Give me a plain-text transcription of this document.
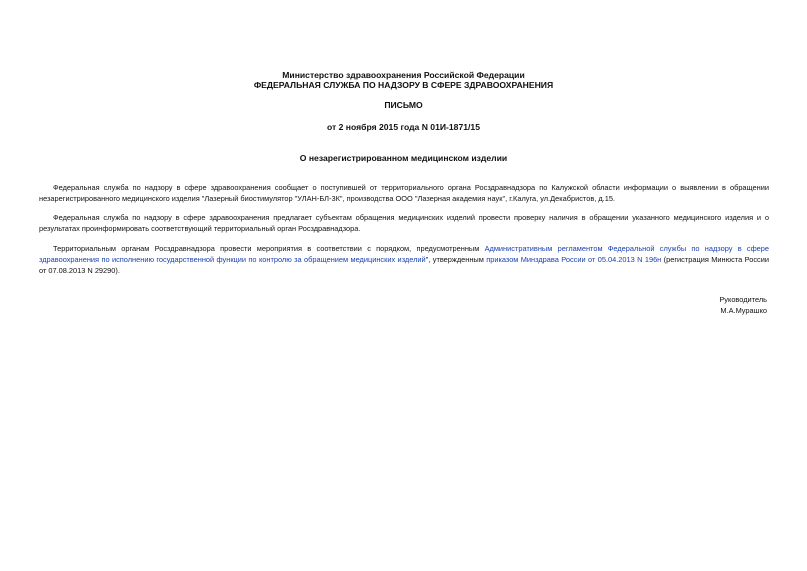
Министерство здравоохранения Российской Федерации
ФЕДЕРАЛЬНАЯ СЛУЖБА ПО НАДЗОРУ В СФЕРЕ ЗДРАВООХРАНЕНИЯ
ПИСЬМО
от 2 ноября 2015 года N 01И-1871/15
О незарегистрированном медицинском изделии

Федеральная служба по надзору в сфере здравоохранения сообщает о поступившей от территориального органа Росздравнадзора по Калужской области информации о выявлении в обращении незарегистрированного медицинского изделия "Лазерный биостимулятор "УЛАН-БЛ-3К", производства ООО "Лазерная академия наук", г.Калуга, ул.Декабристов, д.15.

Федеральная служба по надзору в сфере здравоохранения предлагает субъектам обращения медицинских изделий провести проверку наличия в обращении указанного медицинского изделия и о результатах проинформировать соответствующий территориальный орган Росздравнадзора.

Территориальным органам Росздравнадзора провести мероприятия в соответствии с порядком, предусмотренным Административным регламентом Федеральной службы по надзору в сфере здравоохранения по исполнению государственной функции по контролю за обращением медицинских изделий", утвержденным приказом Минздрава России от 05.04.2013 N 196н (регистрация Минюста России от 07.08.2013 N 29290).

Руководитель
М.А.Мурашко
